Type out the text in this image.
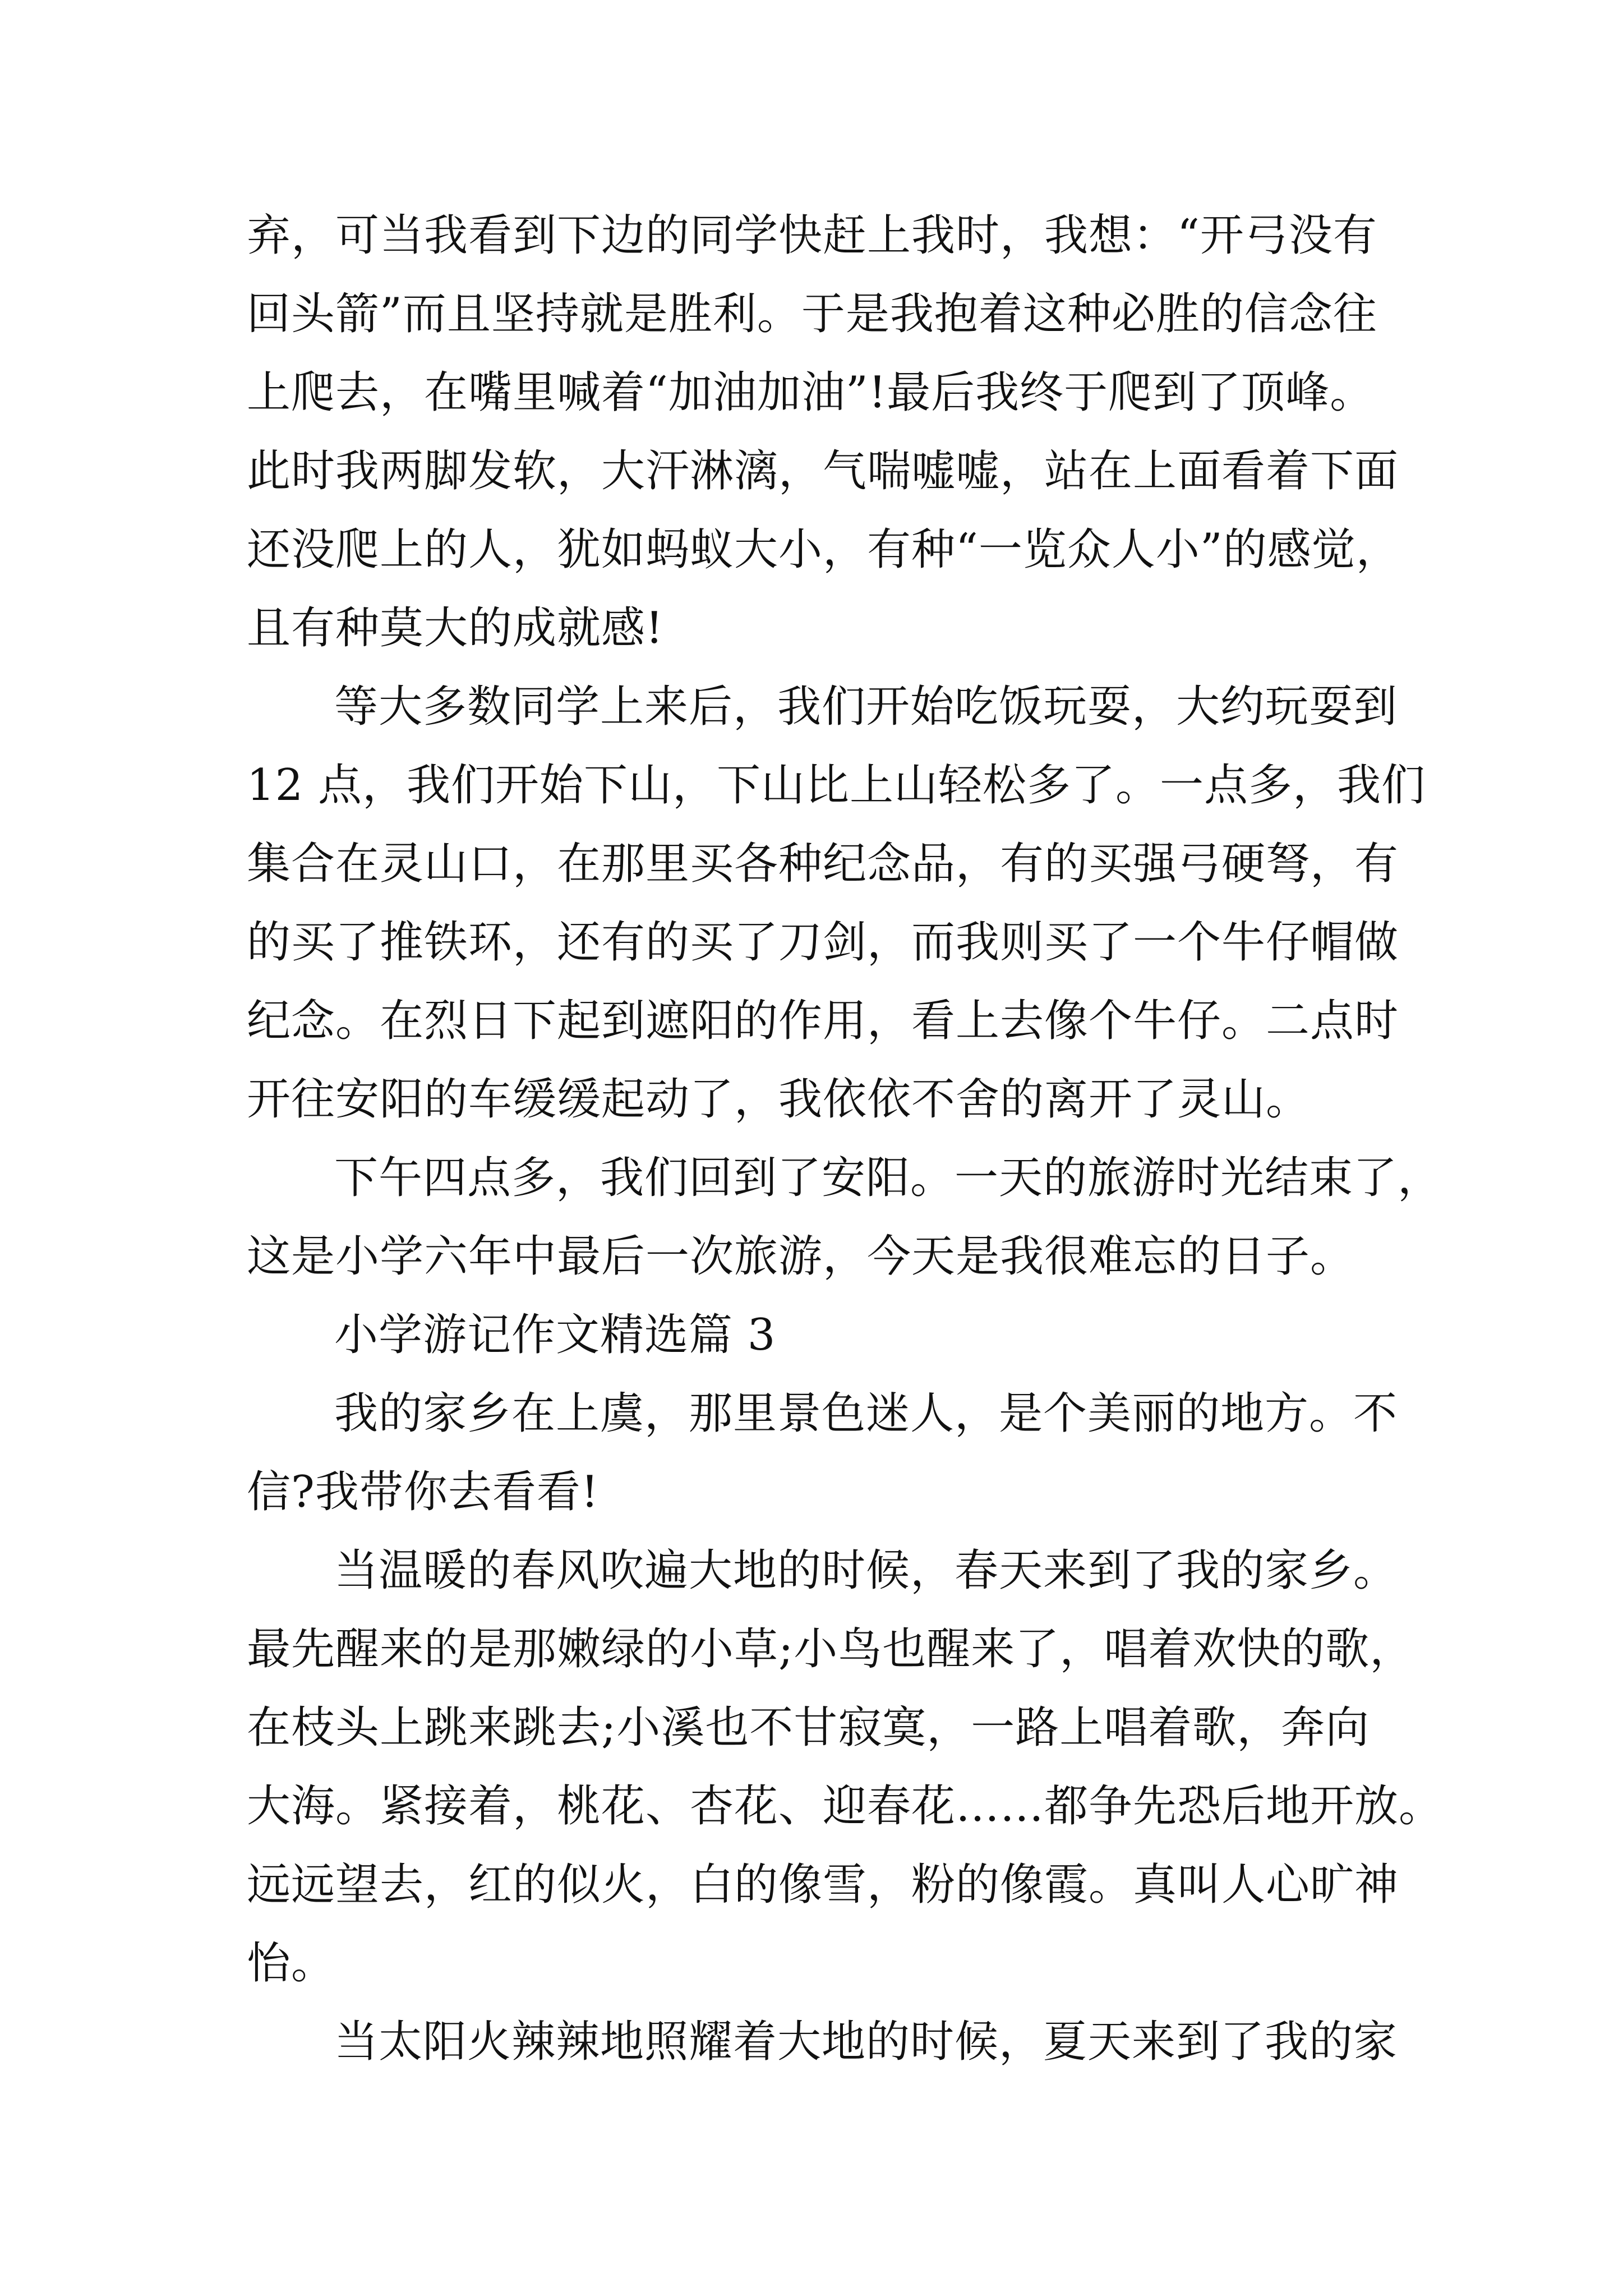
弃，可当我看到下边的同学快赶上我时，我想：“开弓没有
回头箭”而且坚持就是胜利。于是我抱着这种必胜的信念往
上爬去，在嘴里喊着“加油加油”!最后我终于爬到了顶峰。
此时我两脚发软，大汗淋漓，气喘嘘嘘，站在上面看着下面
还没爬上的人，犹如蚂蚁大小，有种“一览众人小”的感觉，
且有种莫大的成就感!
等大多数同学上来后，我们开始吃饭玩耍，大约玩耍到
12 点，我们开始下山，下山比上山轻松多了。一点多，我们
集合在灵山口，在那里买各种纪念品，有的买强弓硬弩，有
的买了推铁环，还有的买了刀剑，而我则买了一个牛仔帽做
纪念。在烈日下起到遮阳的作用，看上去像个牛仔。二点时
开往安阳的车缓缓起动了，我依依不舍的离开了灵山。
下午四点多，我们回到了安阳。一天的旅游时光结束了，
这是小学六年中最后一次旅游，今天是我很难忘的日子。
小学游记作文精选篇 3
我的家乡在上虞，那里景色迷人，是个美丽的地方。不
信?我带你去看看!
当温暖的春风吹遍大地的时候，春天来到了我的家乡。
最先醒来的是那嫩绿的小草;小鸟也醒来了，唱着欢快的歌，
在枝头上跳来跳去;小溪也不甘寂寞，一路上唱着歌，奔向
大海。紧接着，桃花、杏花、迎春花……都争先恐后地开放。
远远望去，红的似火，白的像雪，粉的像霞。真叫人心旷神
怡。
当太阳火辣辣地照耀着大地的时候，夏天来到了我的家
